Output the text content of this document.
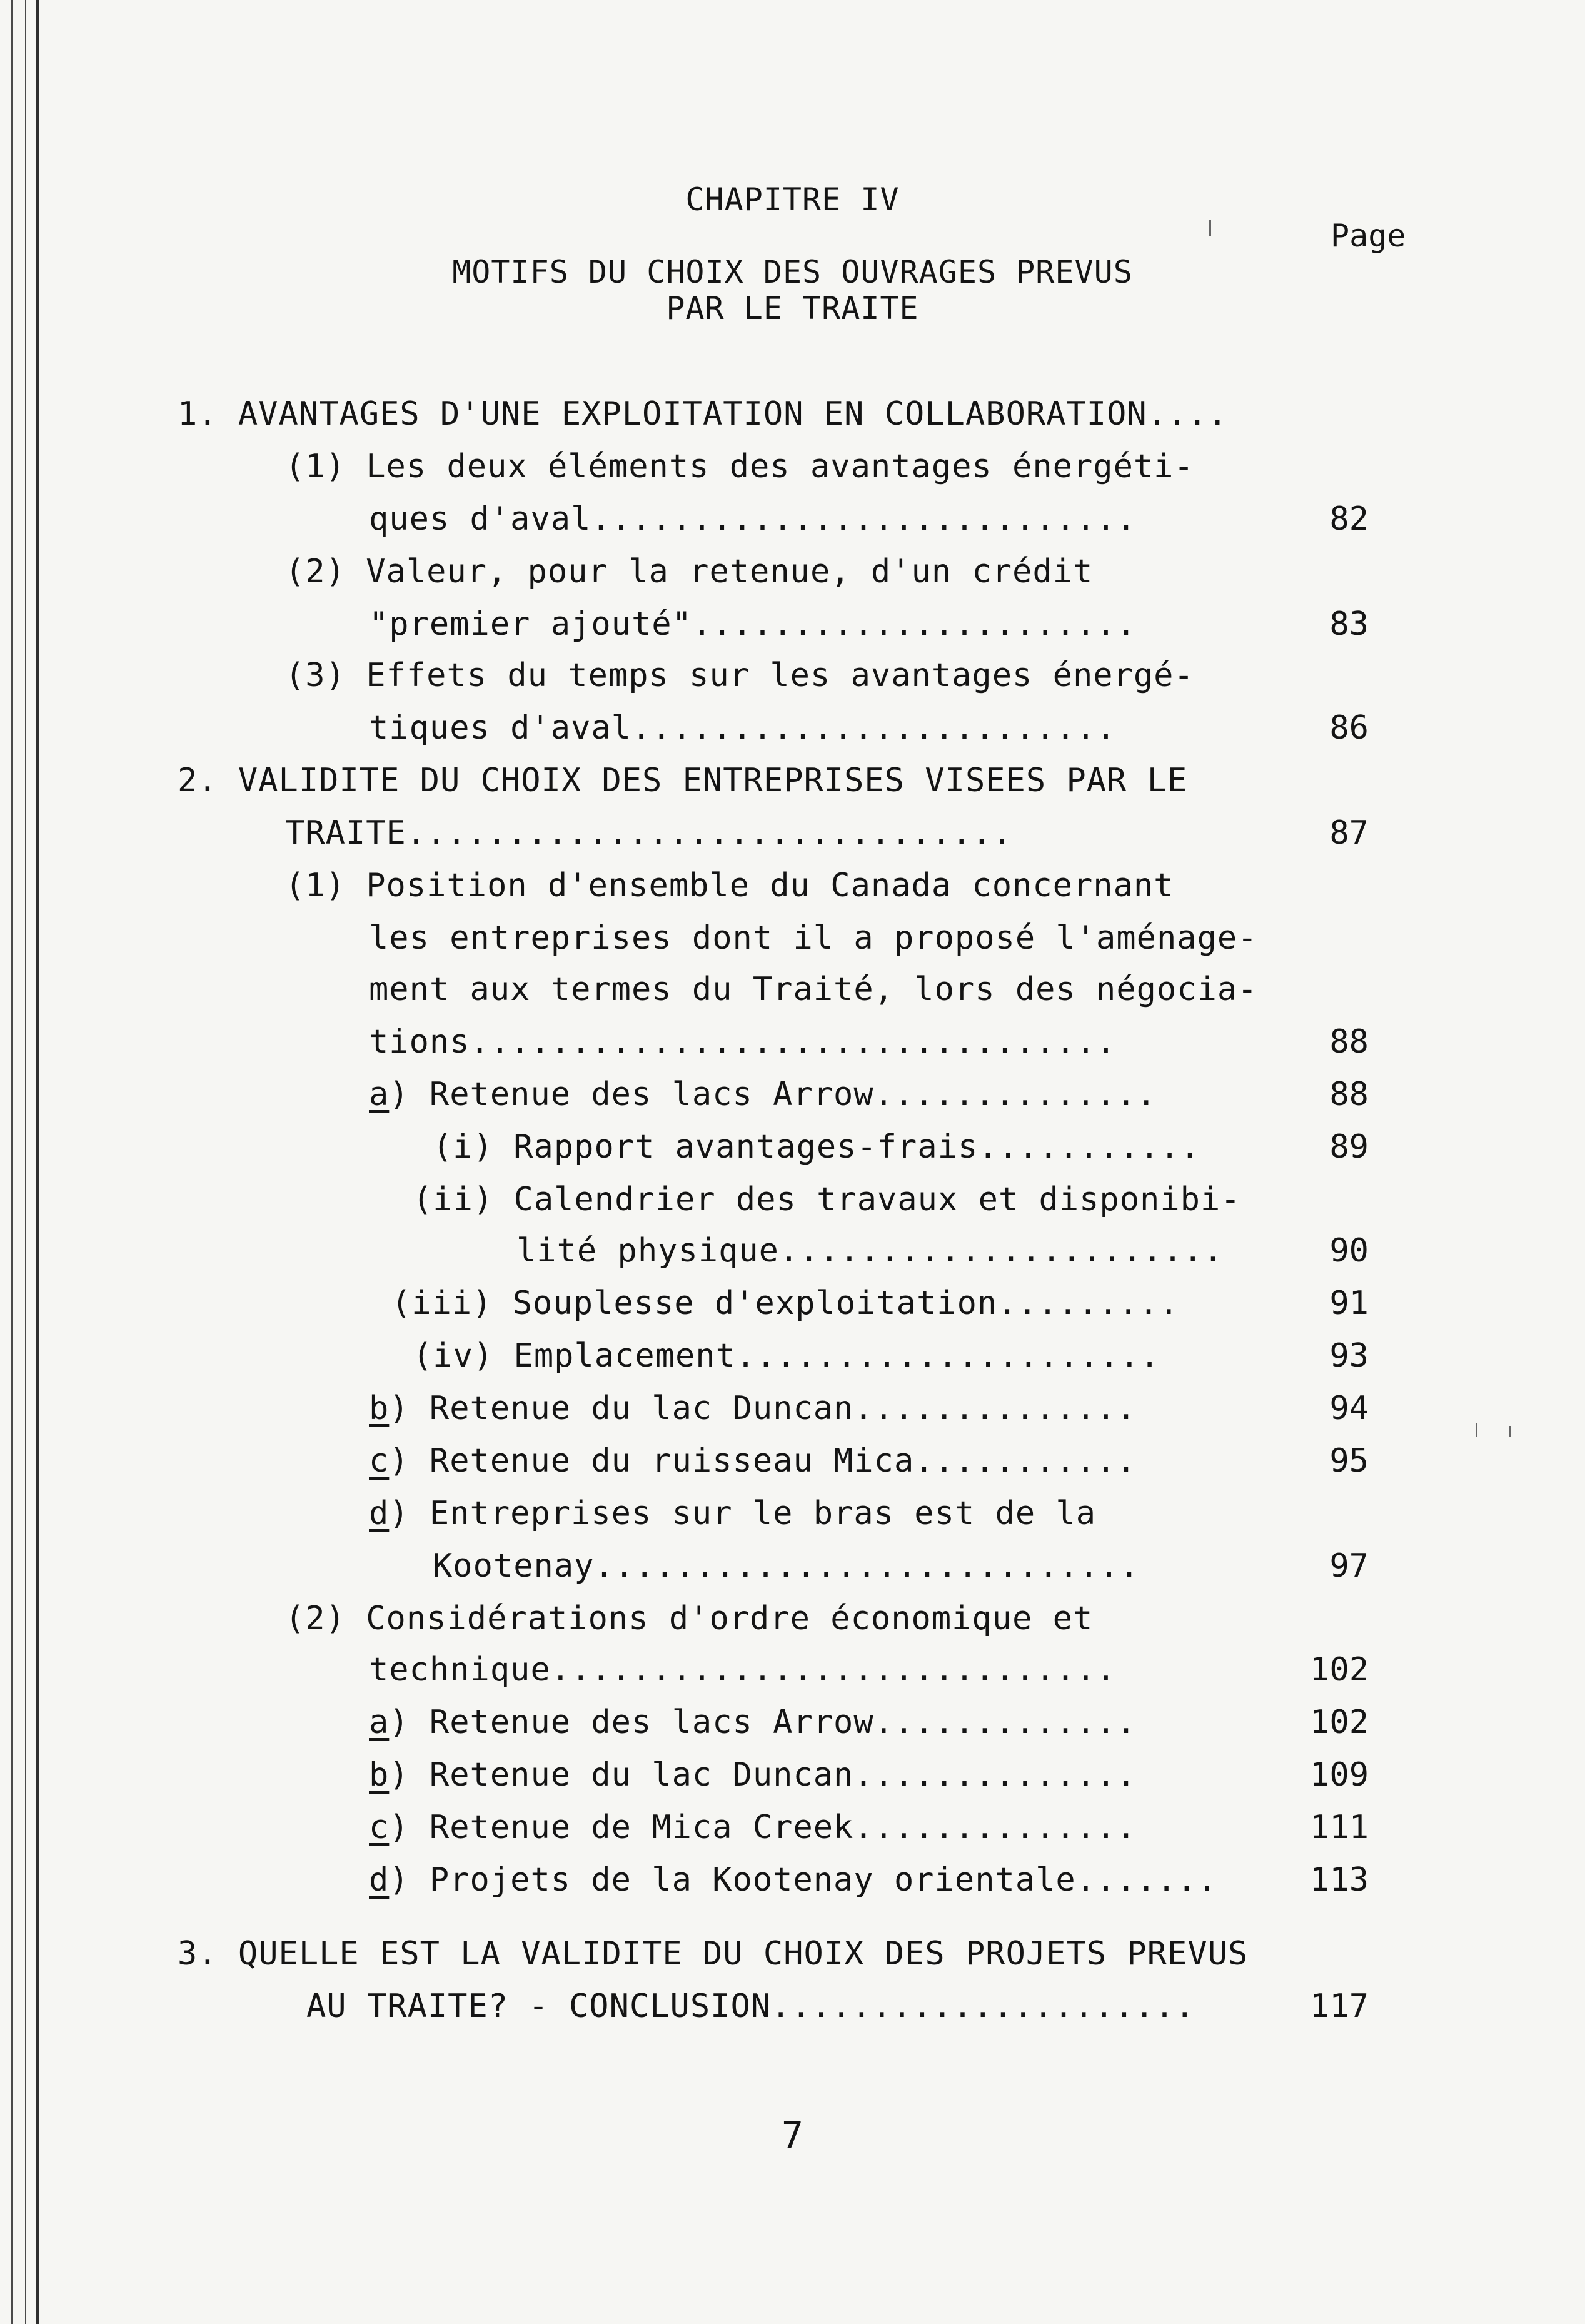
CHAPITRE IV
Page
MOTIFS DU CHOIX DES OUVRAGES PREVUS
PAR LE TRAITE
1. AVANTAGES D'UNE EXPLOITATION EN COLLABORATION....
(1) Les deux éléments des avantages énergéti-
ques d'aval...........................	82
(2) Valeur, pour la retenue, d'un crédit
"premier ajouté"......................	83
(3) Effets du temps sur les avantages énergé-
tiques d'aval........................	86
2. VALIDITE DU CHOIX DES ENTREPRISES VISEES PAR LE
TRAITE..............................	87
(1) Position d'ensemble du Canada concernant
les entreprises dont il a proposé l'aménage-
ment aux termes du Traité, lors des négocia-
tions................................	88
a) Retenue des lacs Arrow..............	88
(i) Rapport avantages-frais...........	89
(ii) Calendrier des travaux et disponibi-
lité physique......................	90
(iii) Souplesse d'exploitation.........	91
(iv) Emplacement.....................	93
b) Retenue du lac Duncan..............	94
c) Retenue du ruisseau Mica...........	95
d) Entreprises sur le bras est de la
Kootenay...........................	97
(2) Considérations d'ordre économique et
technique............................	102
a) Retenue des lacs Arrow.............	102
b) Retenue du lac Duncan..............	109
c) Retenue de Mica Creek..............	111
d) Projets de la Kootenay orientale.......	113
3. QUELLE EST LA VALIDITE DU CHOIX DES PROJETS PREVUS
AU TRAITE? - CONCLUSION.....................	117
7
